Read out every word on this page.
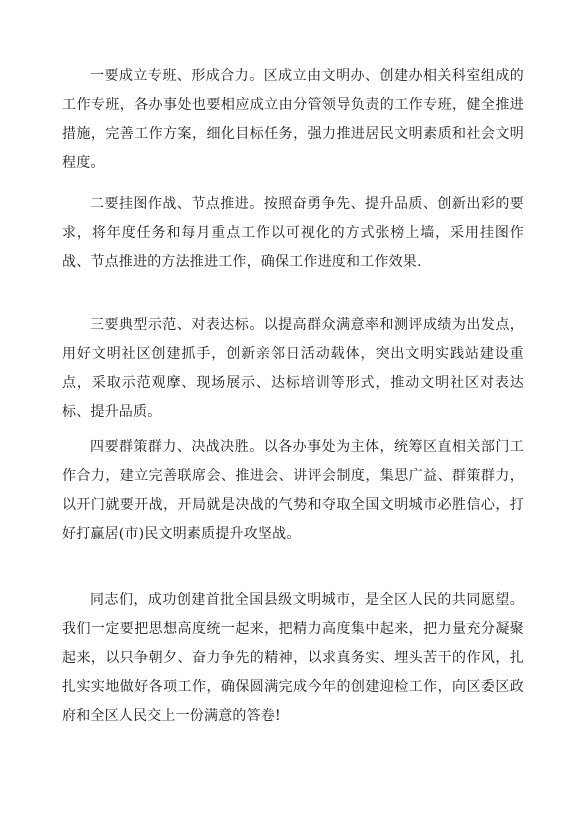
一要成立专班、形成合力。区成立由文明办、创建办相关科室组成的工作专班，各办事处也要相应成立由分管领导负责的工作专班，健全推进措施，完善工作方案，细化目标任务，强力推进居民文明素质和社会文明程度。

二要挂图作战、节点推进。按照奋勇争先、提升品质、创新出彩的要求，将年度任务和每月重点工作以可视化的方式张榜上墙，采用挂图作战、节点推进的方法推进工作，确保工作进度和工作效果.

三要典型示范、对表达标。以提高群众满意率和测评成绩为出发点，用好文明社区创建抓手，创新亲邻日活动载体，突出文明实践站建设重点，采取示范观摩、现场展示、达标培训等形式，推动文明社区对表达标、提升品质。

四要群策群力、决战决胜。以各办事处为主体，统筹区直相关部门工作合力，建立完善联席会、推进会、讲评会制度，集思广益、群策群力，以开门就要开战，开局就是决战的气势和夺取全国文明城市必胜信心，打好打赢居(市)民文明素质提升攻坚战。

同志们，成功创建首批全国县级文明城市，是全区人民的共同愿望。我们一定要把思想高度统一起来，把精力高度集中起来，把力量充分凝聚起来，以只争朝夕、奋力争先的精神，以求真务实、埋头苦干的作风，扎扎实实地做好各项工作，确保圆满完成今年的创建迎检工作，向区委区政府和全区人民交上一份满意的答卷!
